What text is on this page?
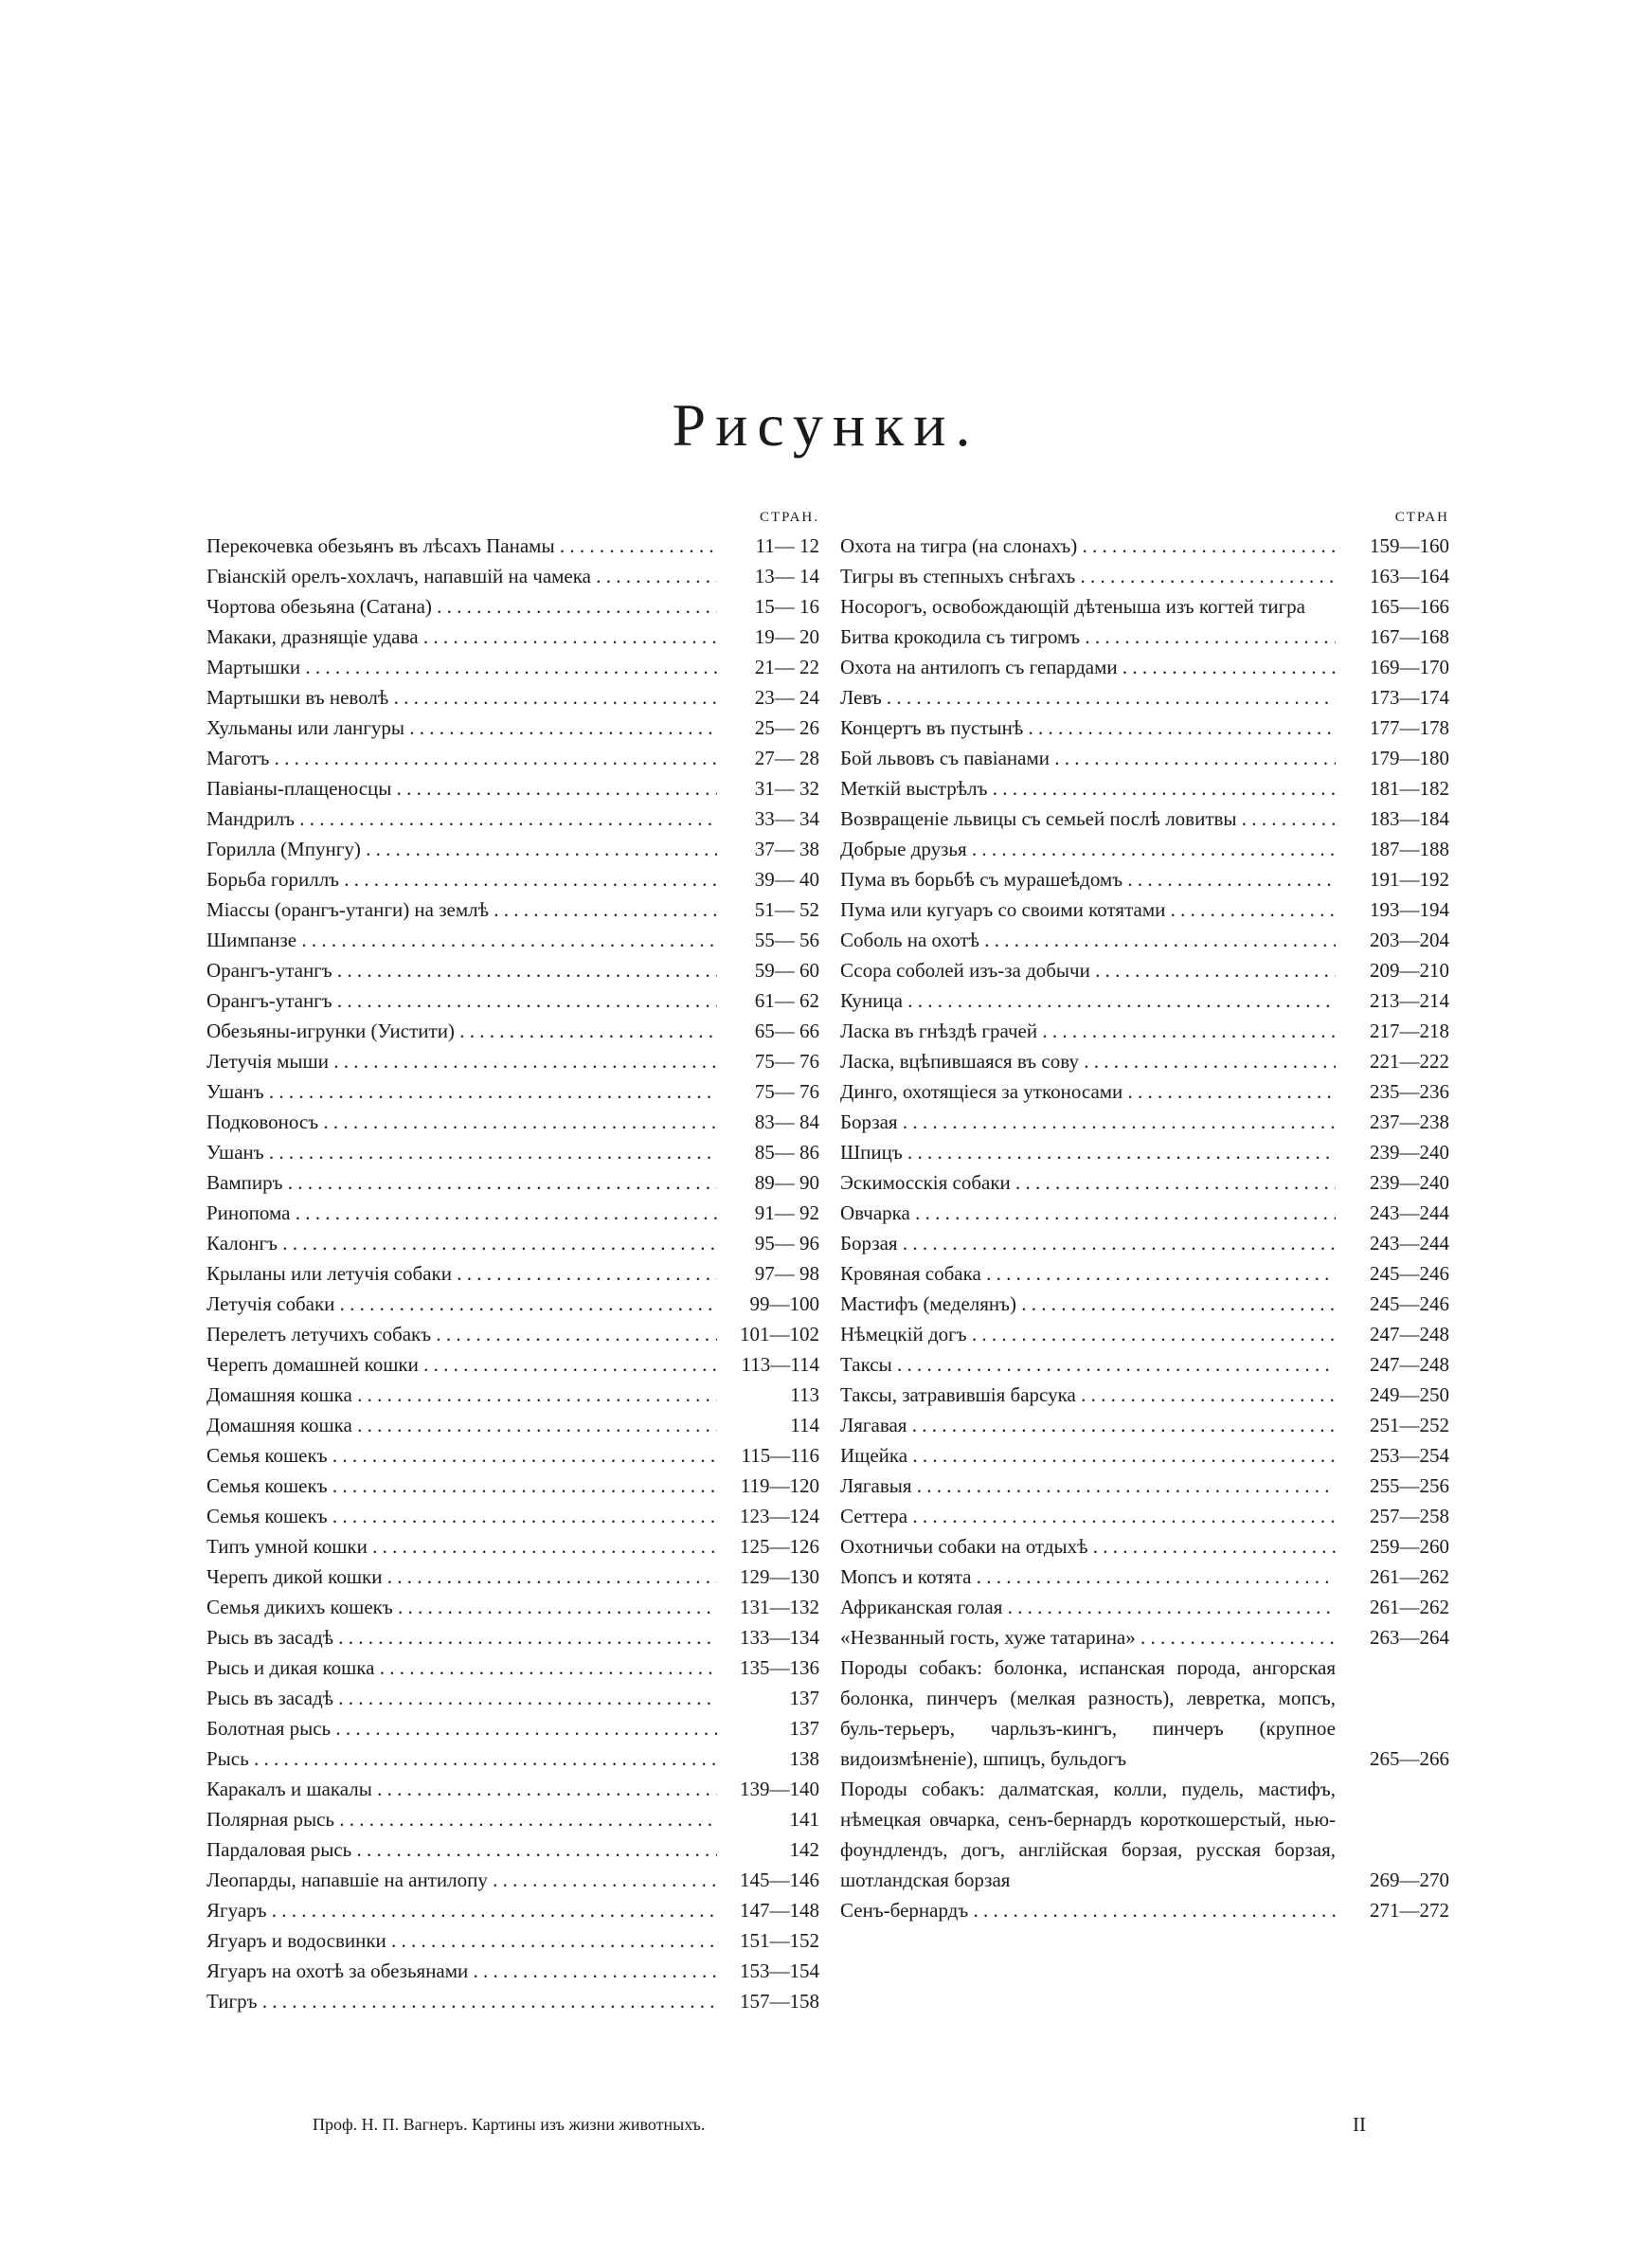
Рисунки.
СТРАН.
Перекочевка обезьянъ въ лѣсахъ Панамы . . .	11— 12
Гвіанскій орелъ-хохлачъ, напавшій на чамека . . .	13— 14
Чортова обезьяна (Сатана) . . .	15— 16
Макаки, дразнящіе удава . . .	19— 20
Мартышки . . .	21— 22
Мартышки въ неволѣ . . .	23— 24
Хульманы или лангуры . . .	25— 26
Маготъ . . .	27— 28
Павіаны-плащеносцы . . .	31— 32
Мандрилъ . . .	33— 34
Горилла (Мпунгу) . . .	37— 38
Борьба гориллъ . . .	39— 40
Міассы (орангъ-утанги) на землѣ . . .	51— 52
Шимпанзе . . .	55— 56
Орангъ-утангъ . . .	59— 60
Орангъ-утангъ . . .	61— 62
Обезьяны-игрунки (Уистити) . . .	65— 66
Летучія мыши . . .	75— 76
Ушанъ . . .	75— 76
Подковоносъ . . .	83— 84
Ушанъ . . .	85— 86
Вампиръ . . .	89— 90
Ринопома . . .	91— 92
Калонгъ . . .	95— 96
Крыланы или летучія собаки . . .	97— 98
Летучія собаки . . .	99—100
Перелетъ летучихъ собакъ . . .	101—102
Черепъ домашней кошки . . .	113—114
Домашняя кошка . . .	113
Домашняя кошка . . .	114
Семья кошекъ . . .	115—116
Семья кошекъ . . .	119—120
Семья кошекъ . . .	123—124
Типъ умной кошки . . .	125—126
Черепъ дикой кошки . . .	129—130
Семья дикихъ кошекъ . . .	131—132
Рысь въ засадѣ . . .	133—134
Рысь и дикая кошка . . .	135—136
Рысь въ засадѣ . . .	137
Болотная рысь . . .	137
Рысь . . .	138
Каракалъ и шакалы . . .	139—140
Полярная рысь . . .	141
Пардаловая рысь . . .	142
Леопарды, напавшіе на антилопу . . .	145—146
Ягуаръ . . .	147—148
Ягуаръ и водосвинки . . .	151—152
Ягуаръ на охотѣ за обезьянами . . .	153—154
Тигръ . . .	157—158
СТРАН
Охота на тигра (на слонахъ) . . .	159—160
Тигры въ степныхъ снѣгахъ . . .	163—164
Носорогъ, освобождающій дѣтеныша изъ когтей тигра	165—166
Битва крокодила съ тигромъ . . .	167—168
Охота на антилопъ съ гепардами . . .	169—170
Левъ . . .	173—174
Концертъ въ пустынѣ . . .	177—178
Бой львовъ съ павіанами . . .	179—180
Меткій выстрѣлъ . . .	181—182
Возвращеніе львицы съ семьей послѣ ловитвы . . .	183—184
Добрые друзья . . .	187—188
Пума въ борьбѣ съ мурашеѣдомъ . . .	191—192
Пума или кугуаръ со своими котятами . . .	193—194
Соболь на охотѣ . . .	203—204
Ссора соболей изъ-за добычи . . .	209—210
Куница . . .	213—214
Ласка въ гнѣздѣ грачей . . .	217—218
Ласка, вцѣпившаяся въ сову . . .	221—222
Динго, охотящіеся за утконосами . . .	235—236
Борзая . . .	237—238
Шпицъ . . .	239—240
Эскимосскія собаки . . .	239—240
Овчарка . . .	243—244
Борзая . . .	243—244
Кровяная собака . . .	245—246
Мастифъ (меделянъ) . . .	245—246
Нѣмецкій догъ . . .	247—248
Таксы . . .	247—248
Таксы, затравившія барсука . . .	249—250
Лягавая . . .	251—252
Ищейка . . .	253—254
Лягавыя . . .	255—256
Сеттера . . .	257—258
Охотничьи собаки на отдыхѣ . . .	259—260
Мопсъ и котята . . .	261—262
Африканская голая . . .	261—262
«Незванный гость, хуже татарина» . . .	263—264
Породы собакъ: болонка, испанская порода, ангорская болонка, пинчеръ (мелкая разность), левретка, мопсъ, буль-терьеръ, чарльзъ-кингъ, пинчеръ (крупное видоизмѣненіе), шпицъ, бульдогъ	265—266
Породы собакъ: далматская, колли, пудель, мастифъ, нѣмецкая овчарка, сенъ-бернардъ короткошерстый, нью-фоундлендъ, догъ, англійская борзая, русская борзая, шотландская борзая	269—270
Сенъ-бернардъ . . .	271—272
Проф. Н. П. Вагнеръ. Картины изъ жизни животныхъ.	II
